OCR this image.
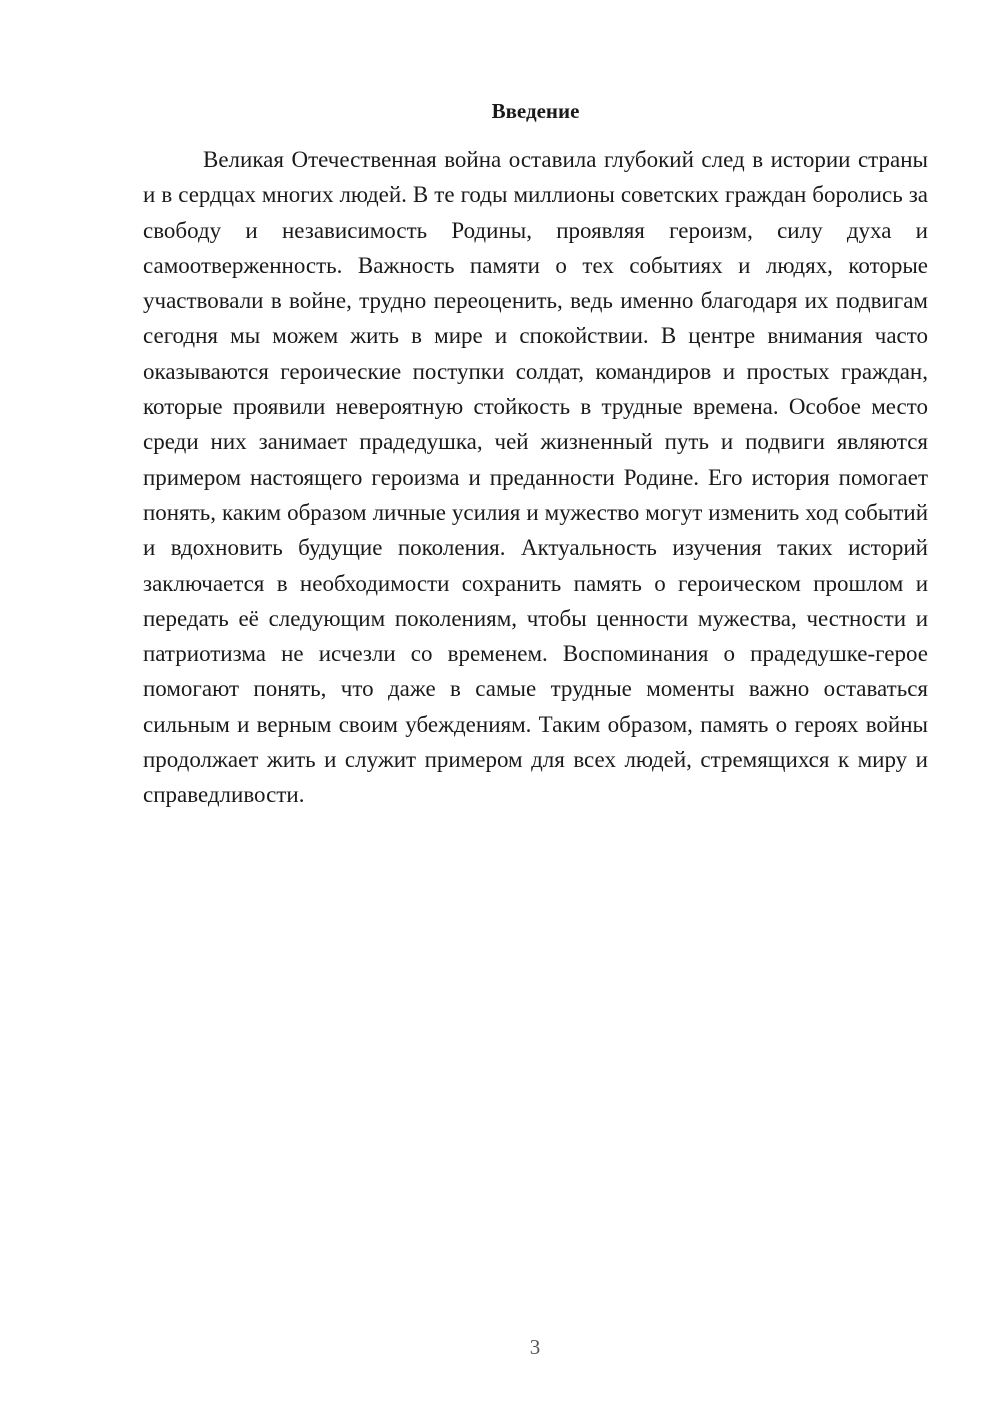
Введение

Великая Отечественная война оставила глубокий след в истории страны и в сердцах многих людей. В те годы миллионы советских граждан боролись за свободу и независимость Родины, проявляя героизм, силу духа и самоотверженность. Важность памяти о тех событиях и людях, которые участвовали в войне, трудно переоценить, ведь именно благодаря их подвигам сегодня мы можем жить в мире и спокойствии. В центре внимания часто оказываются героические поступки солдат, командиров и простых граждан, которые проявили невероятную стойкость в трудные времена. Особое место среди них занимает прадедушка, чей жизненный путь и подвиги являются примером настоящего героизма и преданности Родине. Его история помогает понять, каким образом личные усилия и мужество могут изменить ход событий и вдохновить будущие поколения. Актуальность изучения таких историй заключается в необходимости сохранить память о героическом прошлом и передать её следующим поколениям, чтобы ценности мужества, честности и патриотизма не исчезли со временем. Воспоминания о прадедушке-герое помогают понять, что даже в самые трудные моменты важно оставаться сильным и верным своим убеждениям. Таким образом, память о героях войны продолжает жить и служит примером для всех людей, стремящихся к миру и справедливости.

3
